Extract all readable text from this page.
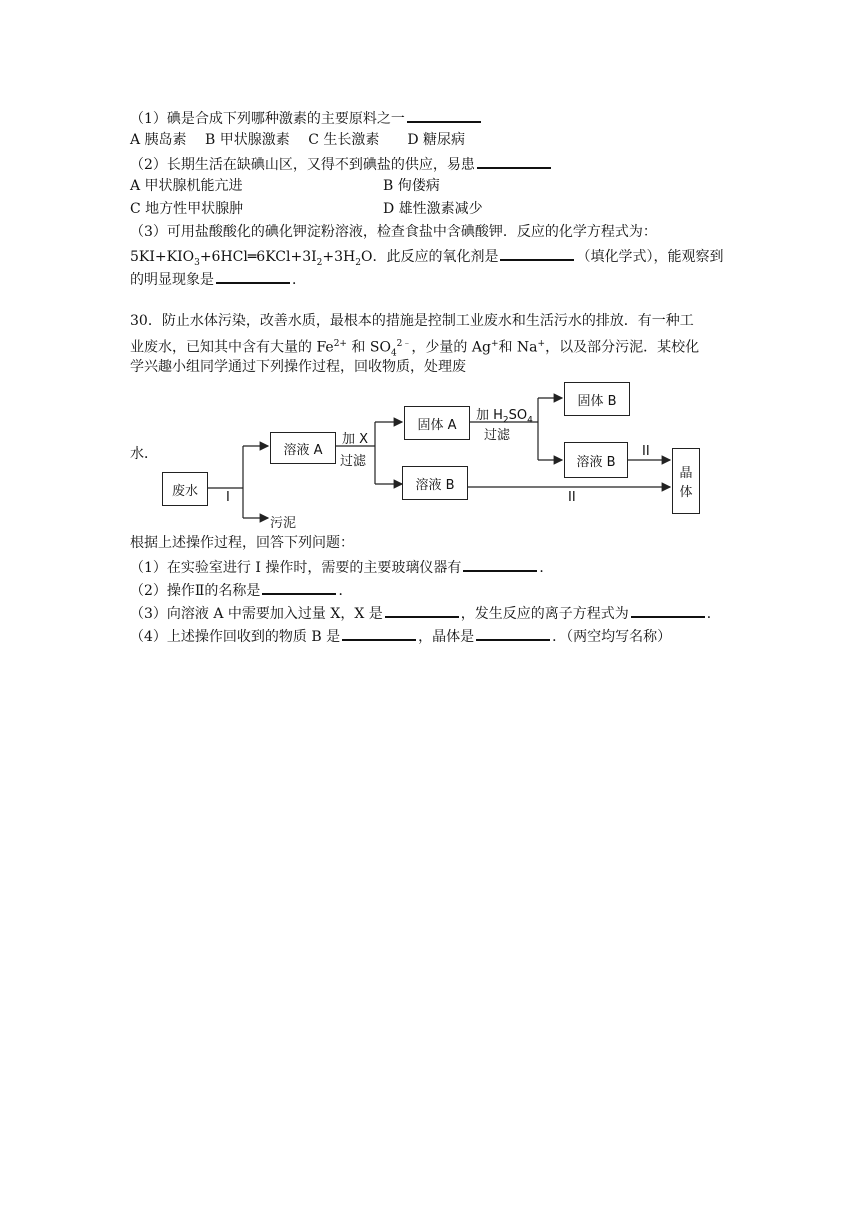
（1）碘是合成下列哪种激素的主要原料之一
A 胰岛素　 B 甲状腺激素　 C 生长激素　　D 糖尿病
（2）长期生活在缺碘山区，又得不到碘盐的供应，易患
A 甲状腺机能亢进	B 佝偻病
C 地方性甲状腺肿	D 雄性激素减少
（3）可用盐酸酸化的碘化钾淀粉溶液，检查食盐中含碘酸钾．反应的化学方程式为：
$5KI+KIO_3+6HCl═6KCl+3I_2+3H_2O$．此反应的氧化剂是	（填化学式），能观察到
的明显现象是	．
30．防止水体污染，改善水质，最根本的措施是控制工业废水和生活污水的排放．有一种工
业废水，已知其中含有大量的 $Fe^{2+}$ 和 $SO_4^{2﹣}$，少量的 Ag+和 Na+，以及部分污泥．某校化
学兴趣小组同学通过下列操作过程，回收物质，处理废
水．
废水
溶液 A
固体 A
溶液 B
固体 B
溶液 B
晶
体
I
污泥
加 X
过滤
加 $H_2SO_4$
过滤
II
II
根据上述操作过程，回答下列问题：
（1）在实验室进行 I 操作时，需要的主要玻璃仪器有	．
（2）操作Ⅱ的名称是	．
（3）向溶液 A 中需要加入过量 X，X 是	，发生反应的离子方程式为	．
（4）上述操作回收到的物质 B 是	，晶体是	．（两空均写名称）
